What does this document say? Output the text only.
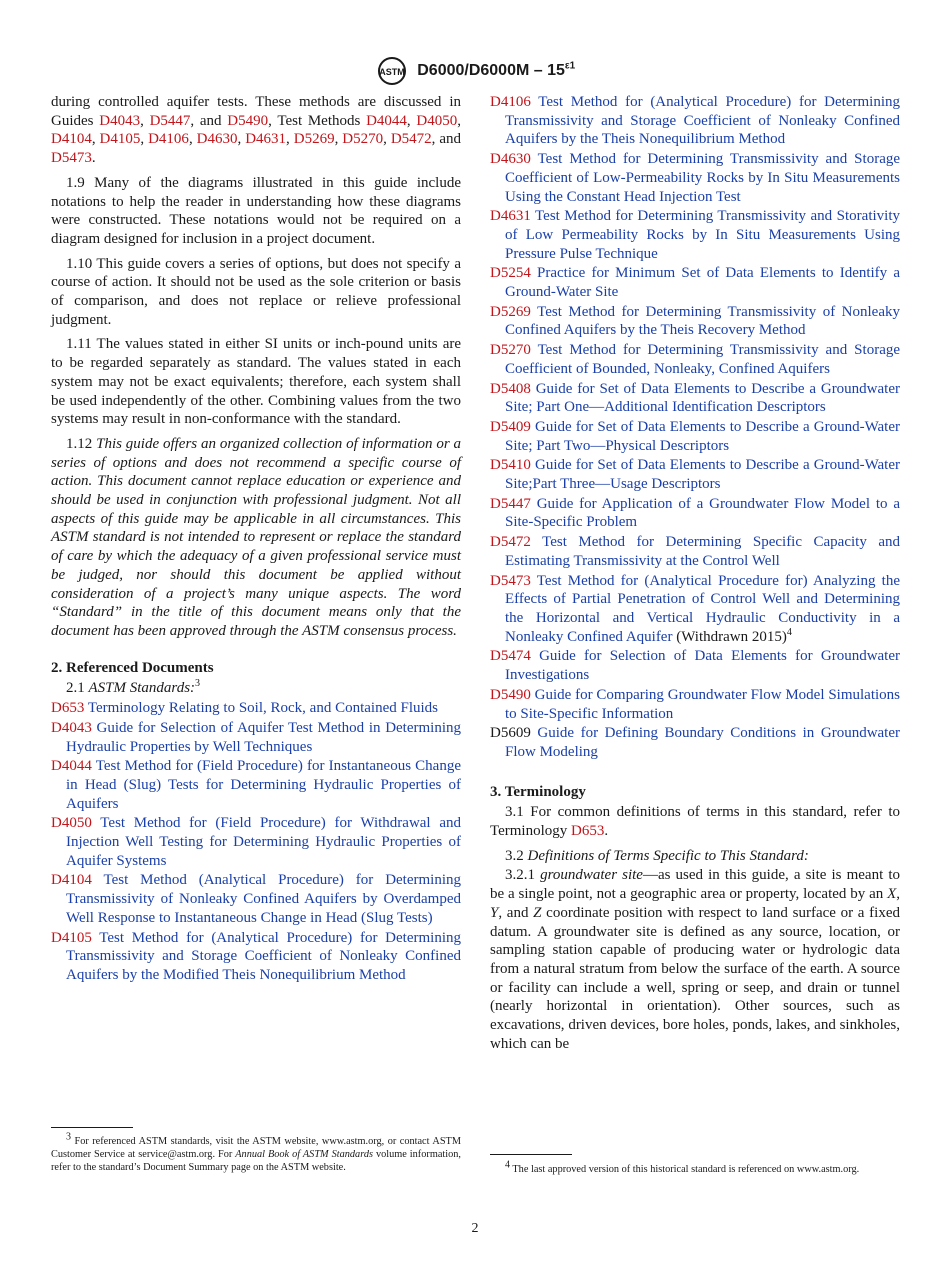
ASTM $D6000/D6000M - 15^{\varepsilon 1}$

during controlled aquifer tests. These methods are discussed in Guides D4043, D5447, and D5490, Test Methods D4044, D4050, D4104, D4105, D4106, D4630, D4631, D5269, D5270, D5472, and D5473.

1.9 Many of the diagrams illustrated in this guide include notations to help the reader in understanding how these diagrams were constructed. These notations would not be required on a diagram designed for inclusion in a project document.

1.10 This guide covers a series of options, but does not specify a course of action. It should not be used as the sole criterion or basis of comparison, and does not replace or relieve professional judgment.

1.11 The values stated in either SI units or inch-pound units are to be regarded separately as standard. The values stated in each system may not be exact equivalents; therefore, each system shall be used independently of the other. Combining values from the two systems may result in non-conformance with the standard.

1.12 This guide offers an organized collection of information or a series of options and does not recommend a specific course of action. This document cannot replace education or experience and should be used in conjunction with professional judgment. Not all aspects of this guide may be applicable in all circumstances. This ASTM standard is not intended to represent or replace the standard of care by which the adequacy of a given professional service must be judged, nor should this document be applied without consideration of a project’s many unique aspects. The word “Standard” in the title of this document means only that the document has been approved through the ASTM consensus process.

2. Referenced Documents

2.1 ASTM Standards:$^3$

D653 Terminology Relating to Soil, Rock, and Contained Fluids

D4043 Guide for Selection of Aquifer Test Method in Determining Hydraulic Properties by Well Techniques

D4044 Test Method for (Field Procedure) for Instantaneous Change in Head (Slug) Tests for Determining Hydraulic Properties of Aquifers

D4050 Test Method for (Field Procedure) for Withdrawal and Injection Well Testing for Determining Hydraulic Properties of Aquifer Systems

D4104 Test Method (Analytical Procedure) for Determining Transmissivity of Nonleaky Confined Aquifers by Overdamped Well Response to Instantaneous Change in Head (Slug Tests)

D4105 Test Method for (Analytical Procedure) for Determining Transmissivity and Storage Coefficient of Nonleaky Confined Aquifers by the Modified Theis Nonequilibrium Method

D4106 Test Method for (Analytical Procedure) for Determining Transmissivity and Storage Coefficient of Nonleaky Confined Aquifers by the Theis Nonequilibrium Method

D4630 Test Method for Determining Transmissivity and Storage Coefficient of Low-Permeability Rocks by In Situ Measurements Using the Constant Head Injection Test

D4631 Test Method for Determining Transmissivity and Storativity of Low Permeability Rocks by In Situ Measurements Using Pressure Pulse Technique

D5254 Practice for Minimum Set of Data Elements to Identify a Ground-Water Site

D5269 Test Method for Determining Transmissivity of Nonleaky Confined Aquifers by the Theis Recovery Method

D5270 Test Method for Determining Transmissivity and Storage Coefficient of Bounded, Nonleaky, Confined Aquifers

D5408 Guide for Set of Data Elements to Describe a Groundwater Site; Part One—Additional Identification Descriptors

D5409 Guide for Set of Data Elements to Describe a Ground-Water Site; Part Two—Physical Descriptors

D5410 Guide for Set of Data Elements to Describe a Ground-Water Site;Part Three—Usage Descriptors

D5447 Guide for Application of a Groundwater Flow Model to a Site-Specific Problem

D5472 Test Method for Determining Specific Capacity and Estimating Transmissivity at the Control Well

D5473 Test Method for (Analytical Procedure for) Analyzing the Effects of Partial Penetration of Control Well and Determining the Horizontal and Vertical Hydraulic Conductivity in a Nonleaky Confined Aquifer (Withdrawn 2015)$^4$

D5474 Guide for Selection of Data Elements for Groundwater Investigations

D5490 Guide for Comparing Groundwater Flow Model Simulations to Site-Specific Information

D5609 Guide for Defining Boundary Conditions in Groundwater Flow Modeling

3. Terminology

3.1 For common definitions of terms in this standard, refer to Terminology D653.

3.2 Definitions of Terms Specific to This Standard:

3.2.1 groundwater site—as used in this guide, a site is meant to be a single point, not a geographic area or property, located by an X, Y, and Z coordinate position with respect to land surface or a fixed datum. A groundwater site is defined as any source, location, or sampling station capable of producing water or hydrologic data from a natural stratum from below the surface of the earth. A source or facility can include a well, spring or seep, and drain or tunnel (nearly horizontal in orientation). Other sources, such as excavations, driven devices, bore holes, ponds, lakes, and sinkholes, which can be

$^3$ For referenced ASTM standards, visit the ASTM website, www.astm.org, or contact ASTM Customer Service at service@astm.org. For Annual Book of ASTM Standards volume information, refer to the standard’s Document Summary page on the ASTM website.	$^4$ The last approved version of this historical standard is referenced on www.astm.org.
2
